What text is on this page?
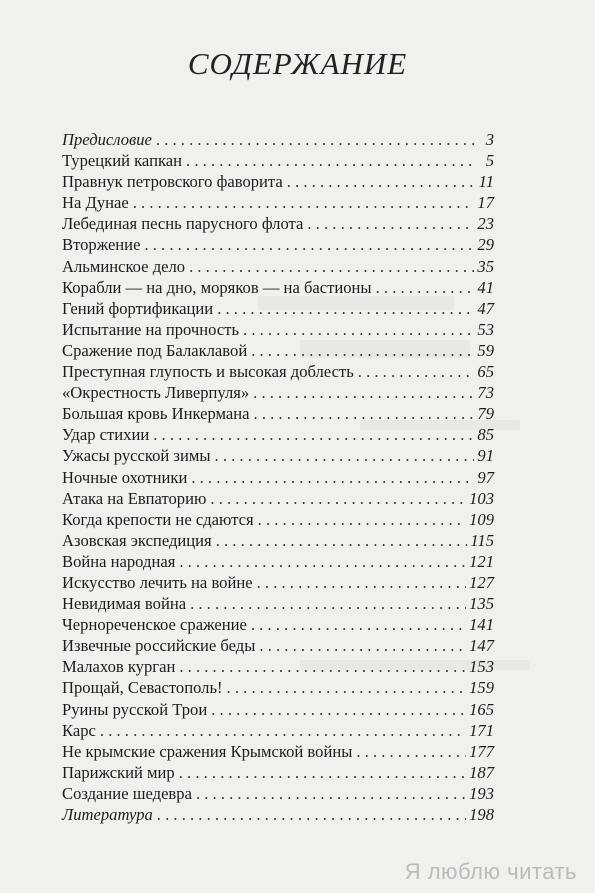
СОДЕРЖАНИЕ
Предисловие . . .	3
Турецкий капкан . . .	5
Правнук петровского фаворита . . .	11
На Дунае . . .	17
Лебединая песнь парусного флота . . .	23
Вторжение . . .	29
Альминское дело . . .	35
Корабли — на дно, моряков — на бастионы . . .	41
Гений фортификации . . .	47
Испытание на прочность . . .	53
Сражение под Балаклавой . . .	59
Преступная глупость и высокая доблесть . . .	65
«Окрестность Ливерпуля» . . .	73
Большая кровь Инкермана . . .	79
Удар стихии . . .	85
Ужасы русской зимы . . .	91
Ночные охотники . . .	97
Атака на Евпаторию . . .	103
Когда крепости не сдаются . . .	109
Азовская экспедиция . . .	115
Война народная . . .	121
Искусство лечить на войне . . .	127
Невидимая война . . .	135
Чернореченское сражение . . .	141
Извечные российские беды . . .	147
Малахов курган . . .	153
Прощай, Севастополь! . . .	159
Руины русской Трои . . .	165
Карс . . .	171
Не крымские сражения Крымской войны . . .	177
Парижский мир . . .	187
Создание шедевра . . .	193
Литература . . .	198
Я люблю читать
